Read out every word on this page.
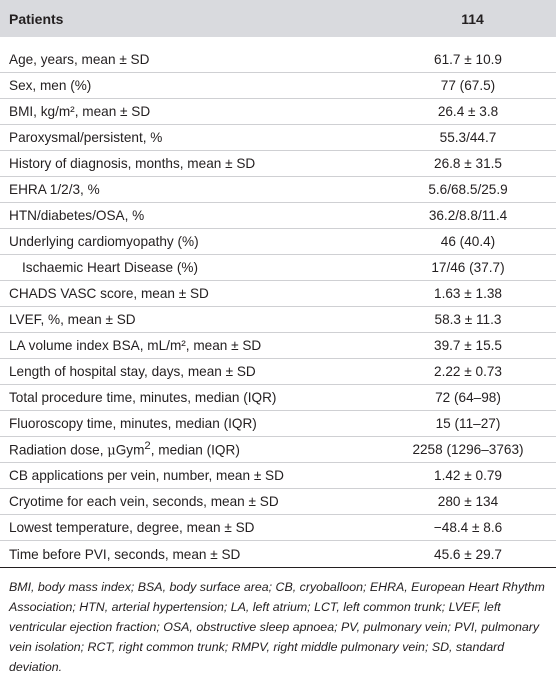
Patients	114
Age, years, mean ± SD	61.7 ± 10.9
Sex, men (%)	77 (67.5)
BMI, kg/m², mean ± SD	26.4 ± 3.8
Paroxysmal/persistent, %	55.3/44.7
History of diagnosis, months, mean ± SD	26.8 ± 31.5
EHRA 1/2/3, %	5.6/68.5/25.9
HTN/diabetes/OSA, %	36.2/8.8/11.4
Underlying cardiomyopathy (%)	46 (40.4)
Ischaemic Heart Disease (%)	17/46 (37.7)
CHADS VASC score, mean ± SD	1.63 ± 1.38
LVEF, %, mean ± SD	58.3 ± 11.3
LA volume index BSA, mL/m², mean ± SD	39.7 ± 15.5
Length of hospital stay, days, mean ± SD	2.22 ± 0.73
Total procedure time, minutes, median (IQR)	72 (64–98)
Fluoroscopy time, minutes, median (IQR)	15 (11–27)
Radiation dose, μGym$^2$, median (IQR)	2258 (1296–3763)
CB applications per vein, number, mean ± SD	1.42 ± 0.79
Cryotime for each vein, seconds, mean ± SD	280 ± 134
Lowest temperature, degree, mean ± SD	−48.4 ± 8.6
Time before PVI, seconds, mean ± SD	45.6 ± 29.7
BMI, body mass index; BSA, body surface area; CB, cryoballoon; EHRA, European Heart Rhythm Association; HTN, arterial hypertension; LA, left atrium; LCT, left common trunk; LVEF, left ventricular ejection fraction; OSA, obstructive sleep apnoea; PV, pulmonary vein; PVI, pulmonary vein isolation; RCT, right common trunk; RMPV, right middle pulmonary vein; SD, standard deviation.
